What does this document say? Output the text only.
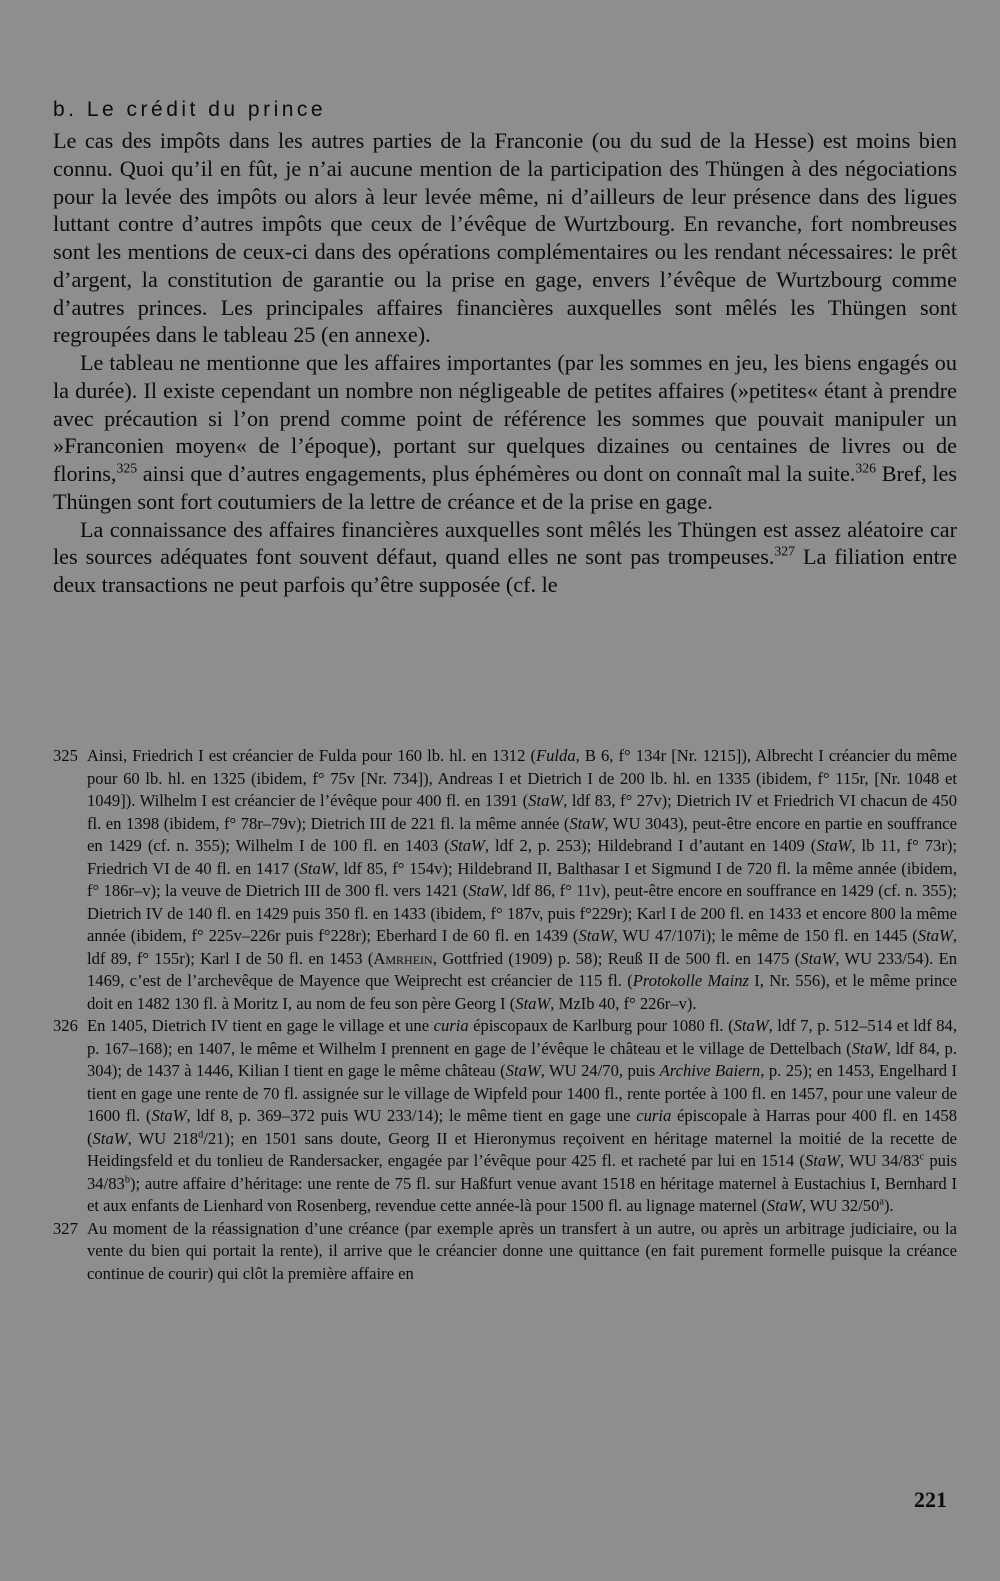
b. Le crédit du prince

Le cas des impôts dans les autres parties de la Franconie (ou du sud de la Hesse) est moins bien connu. Quoi qu’il en fût, je n’ai aucune mention de la participation des Thüngen à des négociations pour la levée des impôts ou alors à leur levée même, ni d’ailleurs de leur présence dans des ligues luttant contre d’autres impôts que ceux de l’évêque de Wurtzbourg. En revanche, fort nombreuses sont les mentions de ceux-ci dans des opérations complémentaires ou les rendant nécessaires: le prêt d’argent, la constitution de garantie ou la prise en gage, envers l’évêque de Wurtzbourg comme d’autres princes. Les principales affaires financières auxquelles sont mêlés les Thüngen sont regroupées dans le tableau 25 (en annexe).

Le tableau ne mentionne que les affaires importantes (par les sommes en jeu, les biens engagés ou la durée). Il existe cependant un nombre non négligeable de petites affaires (»petites« étant à prendre avec précaution si l’on prend comme point de référence les sommes que pouvait manipuler un »Franconien moyen« de l’époque), portant sur quelques dizaines ou centaines de livres ou de florins,$^{325}$ ainsi que d’autres engagements, plus éphémères ou dont on connaît mal la suite.$^{326}$ Bref, les Thüngen sont fort coutumiers de la lettre de créance et de la prise en gage.

La connaissance des affaires financières auxquelles sont mêlés les Thüngen est assez aléatoire car les sources adéquates font souvent défaut, quand elles ne sont pas trompeuses.$^{327}$ La filiation entre deux transactions ne peut parfois qu’être supposée (cf. le

325 Ainsi, Friedrich I est créancier de Fulda pour 160 lb. hl. en 1312 (Fulda, B 6, f° 134r [Nr. 1215]), Albrecht I créancier du même pour 60 lb. hl. en 1325 (ibidem, f° 75v [Nr. 734]), Andreas I et Dietrich I de 200 lb. hl. en 1335 (ibidem, f° 115r, [Nr. 1048 et 1049]). Wilhelm I est créancier de l’évêque pour 400 fl. en 1391 (StaW, ldf 83, f° 27v); Dietrich IV et Friedrich VI chacun de 450 fl. en 1398 (ibidem, f° 78r–79v); Dietrich III de 221 fl. la même année (StaW, WU 3043), peut-être encore en partie en souffrance en 1429 (cf. n. 355); Wilhelm I de 100 fl. en 1403 (StaW, ldf 2, p. 253); Hildebrand I d’autant en 1409 (StaW, lb 11, f° 73r); Friedrich VI de 40 fl. en 1417 (StaW, ldf 85, f° 154v); Hildebrand II, Balthasar I et Sigmund I de 720 fl. la même année (ibidem, f° 186r–v); la veuve de Dietrich III de 300 fl. vers 1421 (StaW, ldf 86, f° 11v), peut-être encore en souffrance en 1429 (cf. n. 355); Dietrich IV de 140 fl. en 1429 puis 350 fl. en 1433 (ibidem, f° 187v, puis f°229r); Karl I de 200 fl. en 1433 et encore 800 la même année (ibidem, f° 225v–226r puis f°228r); Eberhard I de 60 fl. en 1439 (StaW, WU 47/107i); le même de 150 fl. en 1445 (StaW, ldf 89, f° 155r); Karl I de 50 fl. en 1453 (Amrhein, Gottfried (1909) p. 58); Reuß II de 500 fl. en 1475 (StaW, WU 233/54). En 1469, c’est de l’archevêque de Mayence que Weiprecht est créancier de 115 fl. (Protokolle Mainz I, Nr. 556), et le même prince doit en 1482 130 fl. à Moritz I, au nom de feu son père Georg I (StaW, MzIb 40, f° 226r–v).
326 En 1405, Dietrich IV tient en gage le village et une curia épiscopaux de Karlburg pour 1080 fl. (StaW, ldf 7, p. 512–514 et ldf 84, p. 167–168); en 1407, le même et Wilhelm I prennent en gage de l’évêque le château et le village de Dettelbach (StaW, ldf 84, p. 304); de 1437 à 1446, Kilian I tient en gage le même château (StaW, WU 24/70, puis Archive Baiern, p. 25); en 1453, Engelhard I tient en gage une rente de 70 fl. assignée sur le village de Wipfeld pour 1400 fl., rente portée à 100 fl. en 1457, pour une valeur de 1600 fl. (StaW, ldf 8, p. 369–372 puis WU 233/14); le même tient en gage une curia épiscopale à Harras pour 400 fl. en 1458 (StaW, WU 218$^d$/21); en 1501 sans doute, Georg II et Hieronymus reçoivent en héritage maternel la moitié de la recette de Heidingsfeld et du tonlieu de Randersacker, engagée par l’évêque pour 425 fl. et racheté par lui en 1514 (StaW, WU 34/83$^c$ puis 34/83$^b$); autre affaire d’héritage: une rente de 75 fl. sur Haßfurt venue avant 1518 en héritage maternel à Eustachius I, Bernhard I et aux enfants de Lienhard von Rosenberg, revendue cette année-là pour 1500 fl. au lignage maternel (StaW, WU 32/50$^a$).
327 Au moment de la réassignation d’une créance (par exemple après un transfert à un autre, ou après un arbitrage judiciaire, ou la vente du bien qui portait la rente), il arrive que le créancier donne une quittance (en fait purement formelle puisque la créance continue de courir) qui clôt la première affaire en
221
